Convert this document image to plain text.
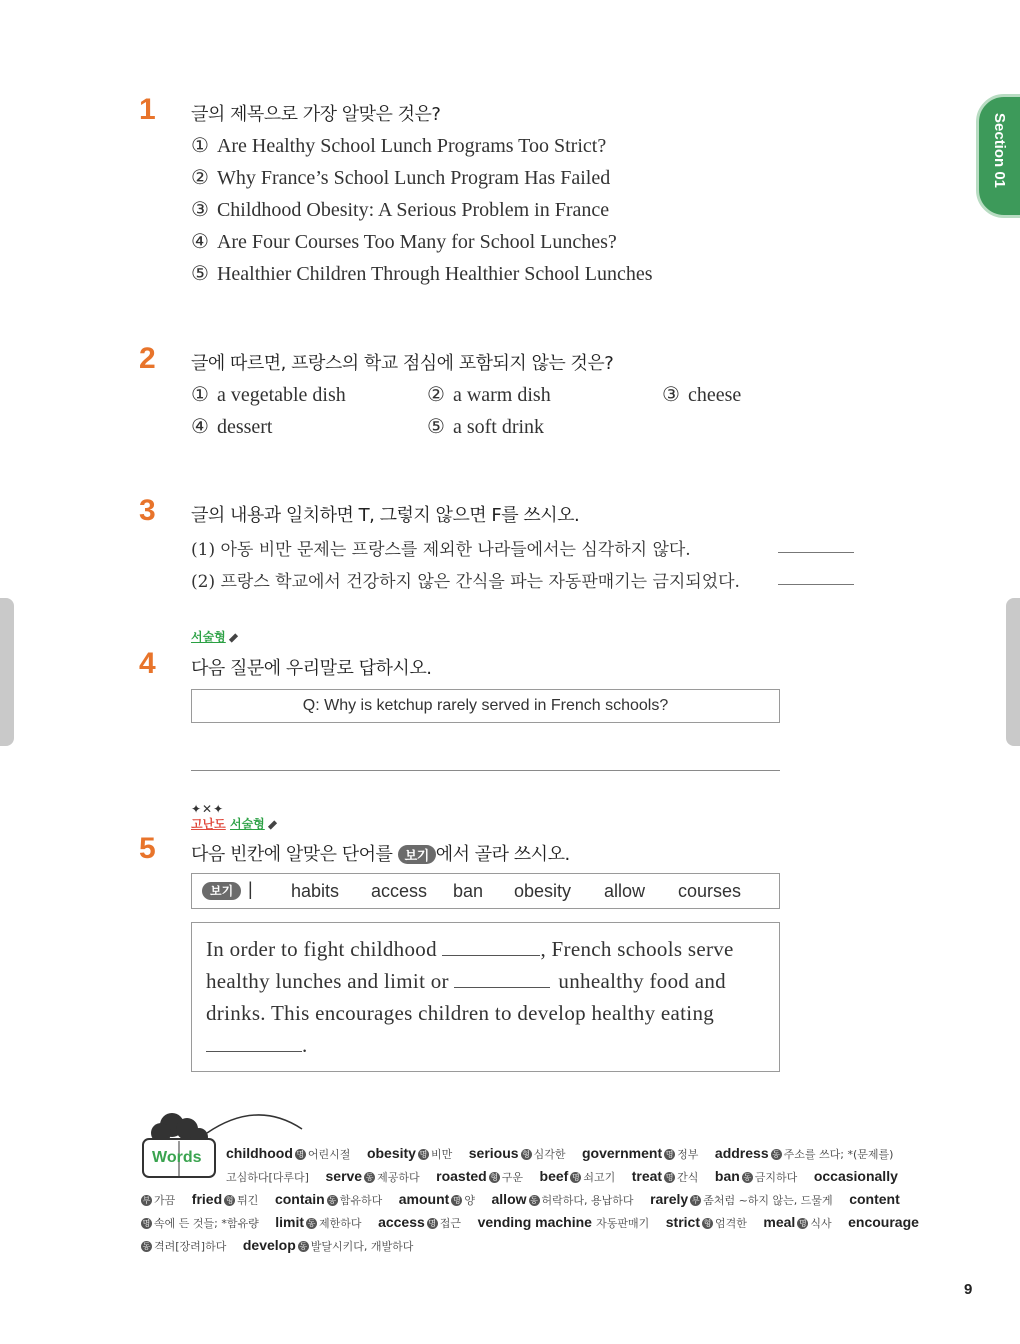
Section 01
1	글의 제목으로 가장 알맞은 것은?
① Are Healthy School Lunch Programs Too Strict?
② Why France’s School Lunch Program Has Failed
③ Childhood Obesity: A Serious Problem in France
④ Are Four Courses Too Many for School Lunches?
⑤ Healthier Children Through Healthier School Lunches
2	글에 따르면, 프랑스의 학교 점심에 포함되지 않는 것은?
① a vegetable dish	② a warm dish	③ cheese
④ dessert	⑤ a soft drink
3	글의 내용과 일치하면 T, 그렇지 않으면 F를 쓰시오.
(1) 아동 비만 문제는 프랑스를 제외한 나라들에서는 심각하지 않다.
(2) 프랑스 학교에서 건강하지 않은 간식을 파는 자동판매기는 금지되었다.
서술형
4	다음 질문에 우리말로 답하시오.
Q: Why is ketchup rarely served in French schools?
✦✕✦
고난도 서술형
5	다음 빈칸에 알맞은 단어를 보기 에서 골라 쓰시오.
보기 | habits access ban obesity allow courses
In order to fight childhood	, French schools serve
healthy lunches and limit or	unhealthy food and
drinks. This encourages children to develop healthy eating
.
Words childhood 명 어린시절 obesity 명 비만 serious 형 심각한 government 명 정부 address 동 주소를 쓰다; *(문제를)
고심하다[다루다] serve 동 제공하다 roasted 형 구운 beef 명 쇠고기 treat 명 간식 ban 동 금지하다 occasionally
부 가끔 fried 형 튀긴 contain 동 함유하다 amount 명 양 allow 동 허락하다, 용납하다 rarely 부 좀처럼 ~하지 않는, 드물게 content
명 속에 든 것들; *함유량 limit 동 제한하다 access 명 접근 vending machine 자동판매기 strict 형 엄격한 meal 명 식사 encourage
동 격려[장려]하다 develop 동 발달시키다, 개발하다
9
